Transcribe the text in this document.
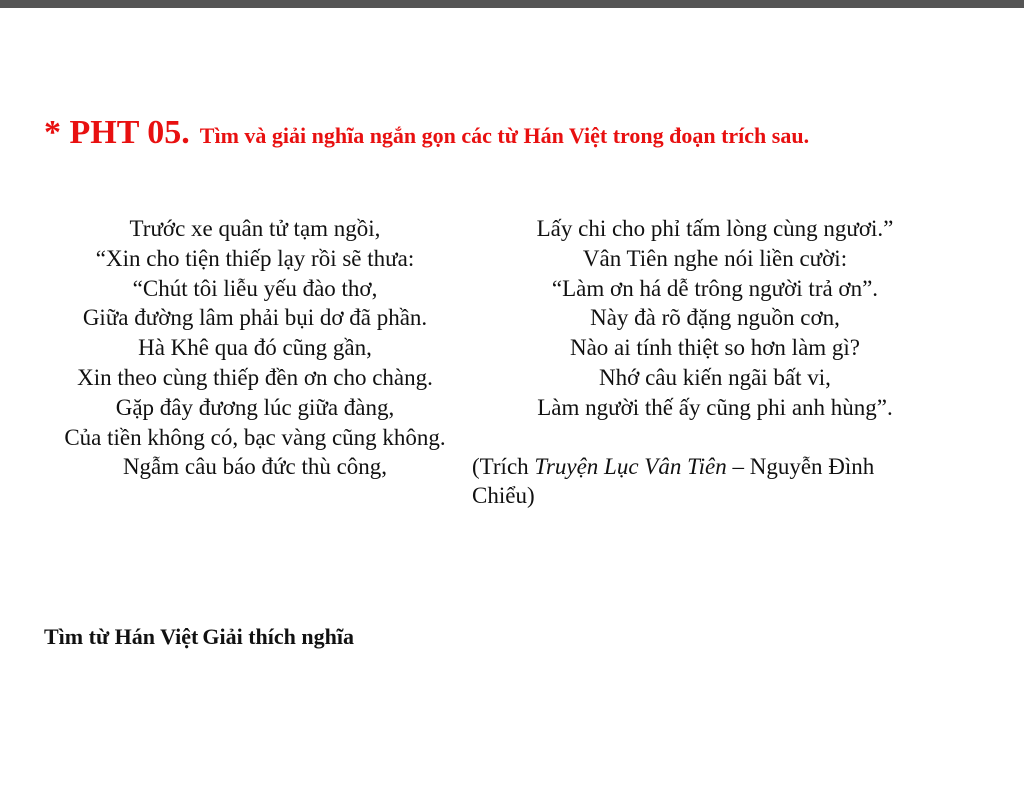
* PHT 05. Tìm và giải nghĩa ngắn gọn các từ Hán Việt trong đoạn trích sau.
Trước xe quân tử tạm ngồi,
“Xin cho tiện thiếp lạy rồi sẽ thưa:
“Chút tôi liễu yếu đào thơ,
Giữa đường lâm phải bụi dơ đã phần.
Hà Khê qua đó cũng gần,
Xin theo cùng thiếp đền ơn cho chàng.
Gặp đây đương lúc giữa đàng,
Của tiền không có, bạc vàng cũng không.
Ngẫm câu báo đức thù công,
Lấy chi cho phỉ tấm lòng cùng ngươi.”
Vân Tiên nghe nói liền cười:
“Làm ơn há dễ trông người trả ơn”.
Này đà rõ đặng nguồn cơn,
Nào ai tính thiệt so hơn làm gì?
Nhớ câu kiến ngãi bất vi,
Làm người thế ấy cũng phi anh hùng”.
(Trích Truyện Lục Vân Tiên – Nguyễn Đình Chiểu)
Tìm từ Hán Việt Giải thích nghĩa
